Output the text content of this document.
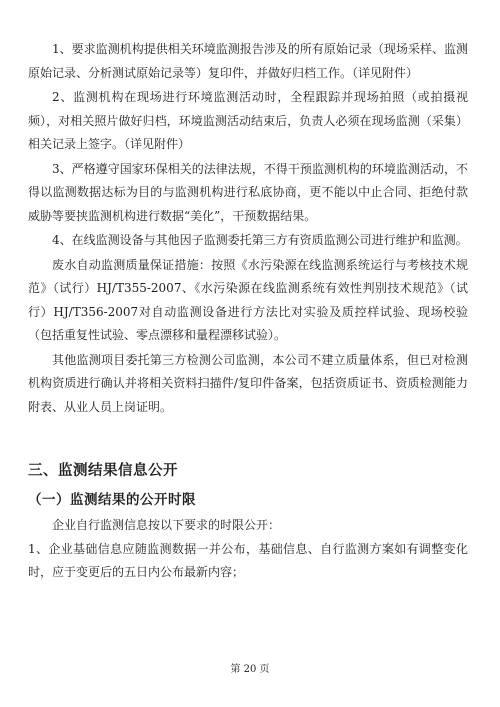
1、要求监测机构提供相关环境监测报告涉及的所有原始记录（现场采样、监测原始记录、分析测试原始记录等）复印件，并做好归档工作。（详见附件）

2、监测机构在现场进行环境监测活动时，全程跟踪并现场拍照（或拍摄视频），对相关照片做好归档，环境监测活动结束后，负责人必须在现场监测（采集）相关记录上签字。（详见附件）

3、严格遵守国家环保相关的法律法规，不得干预监测机构的环境监测活动，不得以监测数据达标为目的与监测机构进行私底协商，更不能以中止合同、拒绝付款威胁等要挟监测机构进行数据“美化”，干预数据结果。

4、在线监测设备与其他因子监测委托第三方有资质监测公司进行维护和监测。

废水自动监测质量保证措施：按照《水污染源在线监测系统运行与考核技术规范》（试行）HJ/T355-2007、《水污染源在线监测系统有效性判别技术规范》（试行）HJ/T356-2007对自动监测设备进行方法比对实验及质控样试验、现场校验（包括重复性试验、零点漂移和量程漂移试验）。

其他监测项目委托第三方检测公司监测，本公司不建立质量体系，但已对检测机构资质进行确认并将相关资料扫描件/复印件备案，包括资质证书、资质检测能力附表、从业人员上岗证明。

三、监测结果信息公开
（一）监测结果的公开时限

企业自行监测信息按以下要求的时限公开：

1、企业基础信息应随监测数据一并公布，基础信息、自行监测方案如有调整变化时，应于变更后的五日内公布最新内容；

第 20 页
